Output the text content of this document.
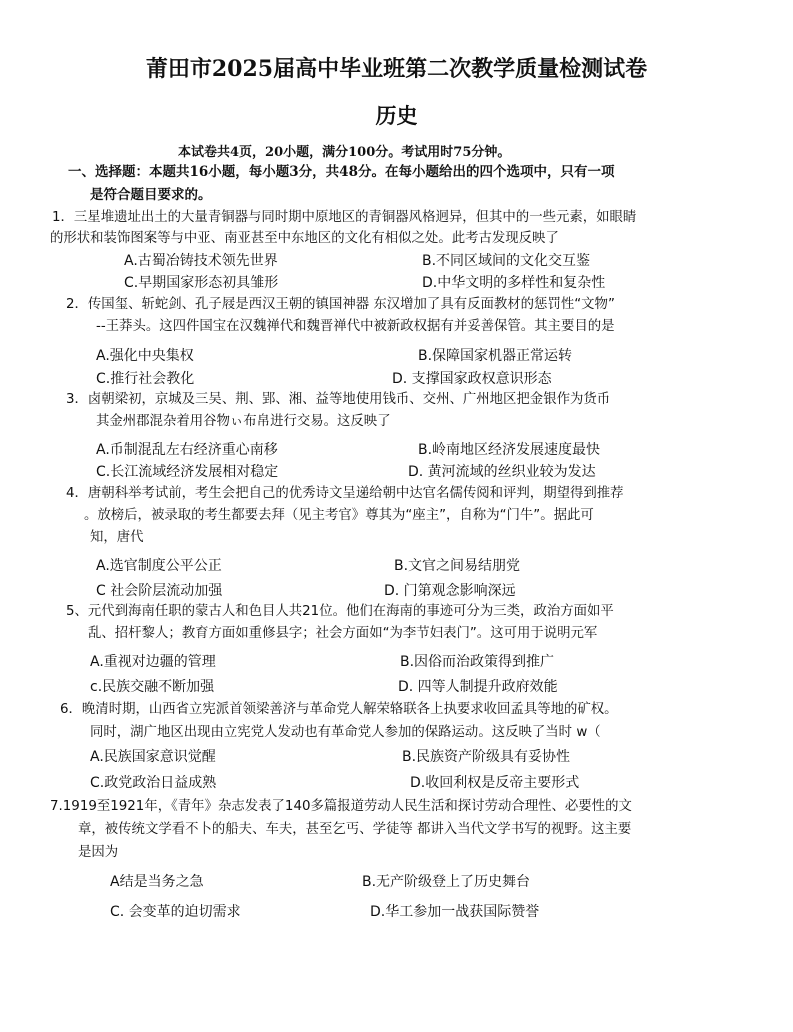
莆田市2025届高中毕业班第二次教学质量检测试卷
历史
本试卷共4页，20小题，满分100分。考试用时75分钟。
一、选择题：本题共16小题，每小题3分，共48分。在每小题给出的四个选项中，只有一项
是符合题目要求的。
1．三星堆遗址出土的大量青铜器与同时期中原地区的青铜器风格迥异，但其中的一些元素，如眼睛
的形状和装饰图案等与中亚、南亚甚至中东地区的文化有相似之处。此考古发现反映了
A.古蜀冶铸技术领先世界	B.不同区域间的文化交互鉴
C.早期国家形态初具雏形	D.中华文明的多样性和复杂性
2．传国玺、斩蛇剑、孔子屐是西汉王朝的镇国神器 东汉增加了具有反面教材的惩罚性“文物”
--王莽头。这四件国宝在汉魏禅代和魏晋禅代中被新政权据有并妥善保管。其主要目的是
A.强化中央集权	B.保障国家机器正常运转
C.推行社会教化	D. 支撑国家政权意识形态
3．卤朝梁初，京城及三吴、荆、郢、湘、益等地使用钱币、交州、广州地区把金银作为货币
其金州郡混杂着用谷物ぃ布帛进行交易。这反映了
A.币制混乱左右经济重心南移	B.岭南地区经济发展速度最快
C.长江流域经济发展相对稳定	D. 黄河流域的丝织业较为发达
4．唐朝科举考试前，考生会把自己的优秀诗文呈递给朝中达官名儒传阅和评判，期望得到推荐
。放榜后，被录取的考生都要去拜（见主考官》尊其为“座主”，自称为“门牛”。据此可
知，唐代
A.选官制度公平公正	B.文官之间易结朋党
C 社会阶层流动加强	D. 门第观念影响深远
5、元代到海南任职的蒙古人和色目人共21位。他们在海南的事迹可分为三类，政治方面如平
乱、招杆黎人；教育方面如重修县字；社会方面如“为李节妇表门”。这可用于说明元军
A.重视对边疆的管理	B.因俗而治政策得到推广
c.民族交融不断加强	D. 四等人制提升政府效能
6．晚清时期，山西省立宪派首领梁善济与革命党人解荣辂联各上执要求收回孟具等地的矿权。
同时，湖广地区出现由立宪党人发动也有革命党人参加的保路运动。这反映了当时 w（
A.民族国家意识觉醒	B.民族资产阶级具有妥协性
C.政党政治日益成熟	D.收回利权是反帝主要形式
7.1919至1921年，《青年》杂志发表了140多篇报道劳动人民生活和探讨劳动合理性、必要性的文
章，被传统文学看不卜的船夫、车夫，甚至乞丐、学徒等 都讲入当代文学书写的视野。这主要
是因为
A结是当务之急	B.无产阶级登上了历史舞台
C. 会变革的迫切需求	D.华工参加一战获国际赞誉
